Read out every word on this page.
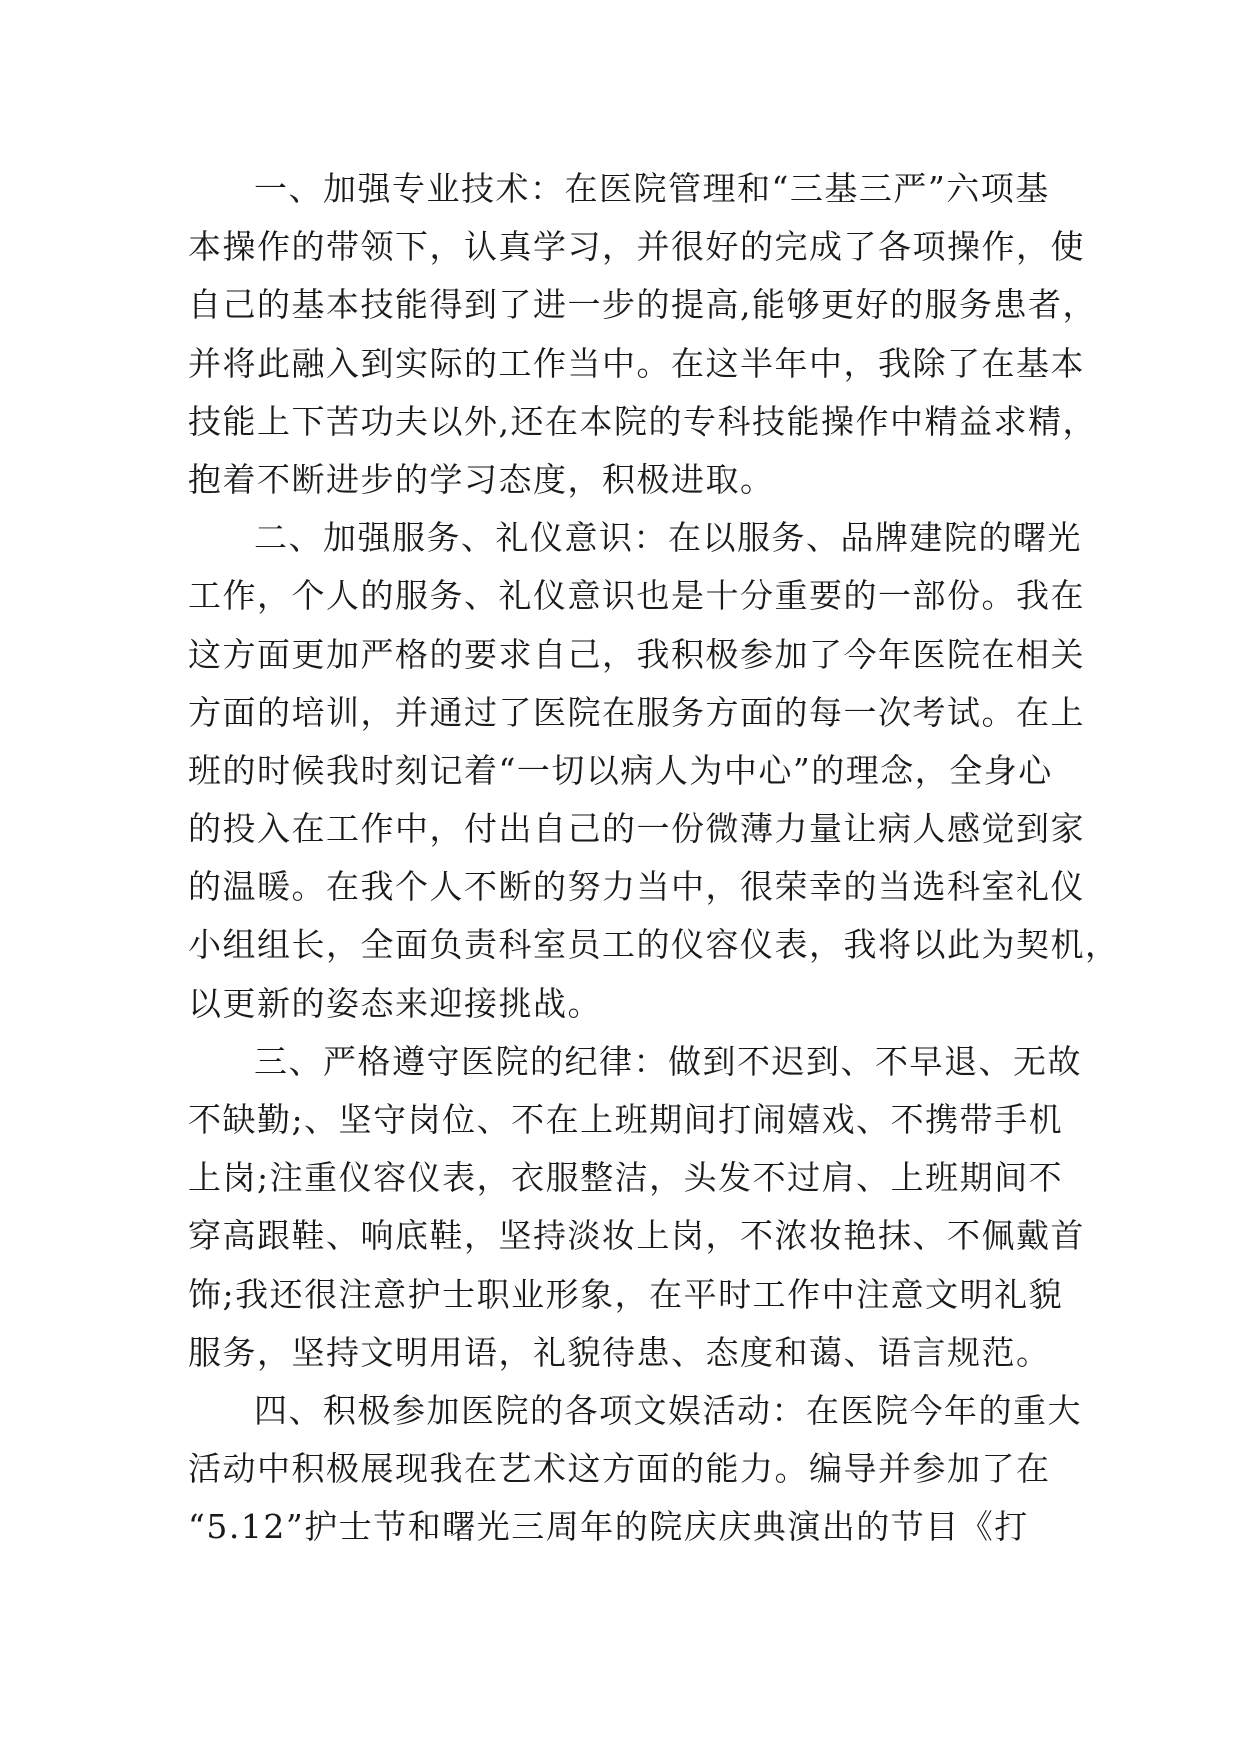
一、加强专业技术：在医院管理和“三基三严”六项基
本操作的带领下，认真学习，并很好的完成了各项操作，使
自己的基本技能得到了进一步的提高,能够更好的服务患者，
并将此融入到实际的工作当中。在这半年中，我除了在基本
技能上下苦功夫以外,还在本院的专科技能操作中精益求精，
抱着不断进步的学习态度，积极进取。
二、加强服务、礼仪意识：在以服务、品牌建院的曙光
工作，个人的服务、礼仪意识也是十分重要的一部份。我在
这方面更加严格的要求自己，我积极参加了今年医院在相关
方面的培训，并通过了医院在服务方面的每一次考试。在上
班的时候我时刻记着“一切以病人为中心”的理念，全身心
的投入在工作中，付出自己的一份微薄力量让病人感觉到家
的温暖。在我个人不断的努力当中，很荣幸的当选科室礼仪
小组组长，全面负责科室员工的仪容仪表，我将以此为契机，
以更新的姿态来迎接挑战。
三、严格遵守医院的纪律：做到不迟到、不早退、无故
不缺勤;、坚守岗位、不在上班期间打闹嬉戏、不携带手机
上岗;注重仪容仪表，衣服整洁，头发不过肩、上班期间不
穿高跟鞋、响底鞋，坚持淡妆上岗，不浓妆艳抹、不佩戴首
饰;我还很注意护士职业形象，在平时工作中注意文明礼貌
服务，坚持文明用语，礼貌待患、态度和蔼、语言规范。
四、积极参加医院的各项文娱活动：在医院今年的重大
活动中积极展现我在艺术这方面的能力。编导并参加了在
“5.12”护士节和曙光三周年的院庆庆典演出的节目《打
